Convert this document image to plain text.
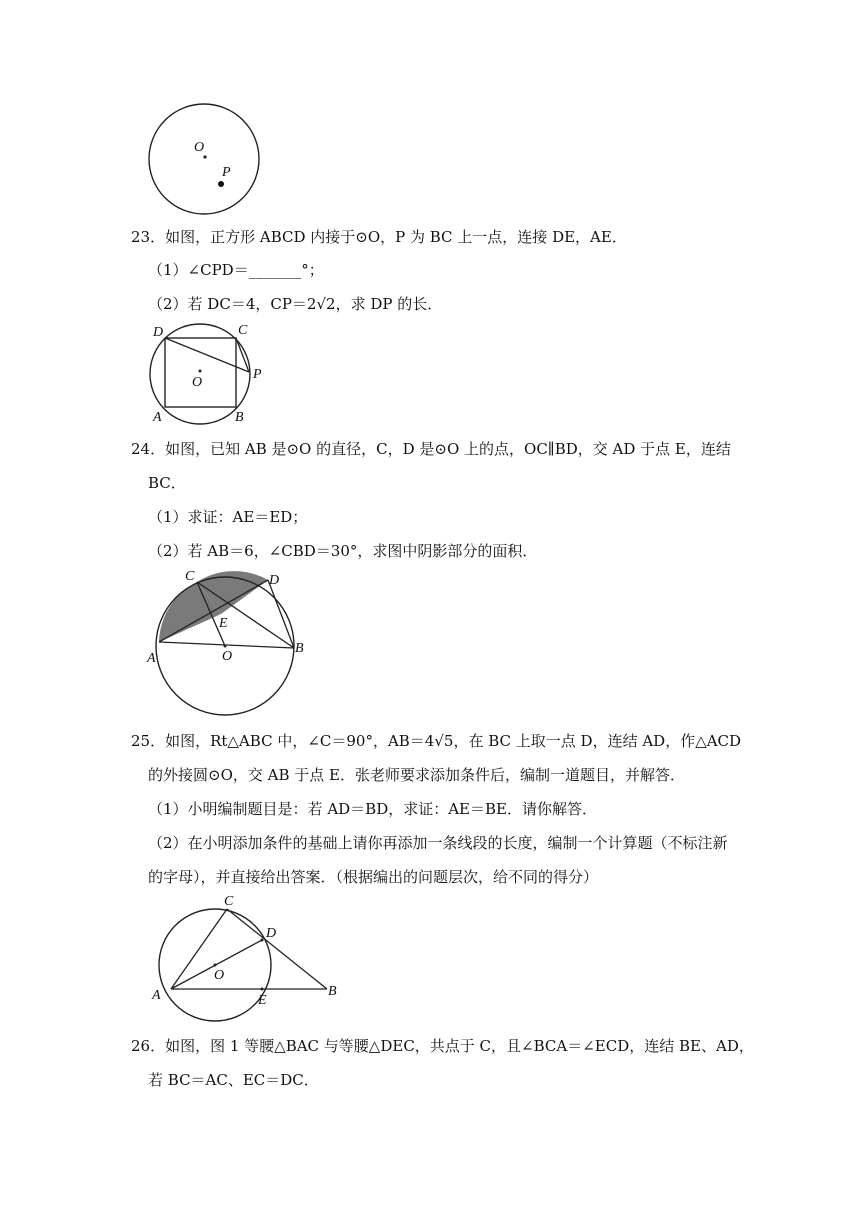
O
P
23．如图，正方形 ABCD 内接于⊙O，P 为 BC 上一点，连接 DE，AE．
（1）∠CPD＝_______°；
（2）若 DC＝4，CP＝2√2，求 DP 的长．
D	C
P
O
A	B
24．如图，已知 AB 是⊙O 的直径，C，D 是⊙O 上的点，OC∥BD，交 AD 于点 E，连结
BC．
（1）求证：AE＝ED；
（2）若 AB＝6，∠CBD＝30°，求图中阴影部分的面积．
C	D
E
A	O
B
25．如图，Rt△ABC 中，∠C＝90°，AB＝4√5，在 BC 上取一点 D，连结 AD，作△ACD
的外接圆⊙O，交 AB 于点 E．张老师要求添加条件后，编制一道题目，并解答．
（1）小明编制题目是：若 AD＝BD，求证：AE＝BE．请你解答．
（2）在小明添加条件的基础上请你再添加一条线段的长度，编制一个计算题（不标注新
的字母），并直接给出答案．（根据编出的问题层次，给不同的得分）
C
D
O
A	E
B
26．如图，图 1 等腰△BAC 与等腰△DEC，共点于 C，且∠BCA＝∠ECD，连结 BE、AD，
若 BC＝AC、EC＝DC．
